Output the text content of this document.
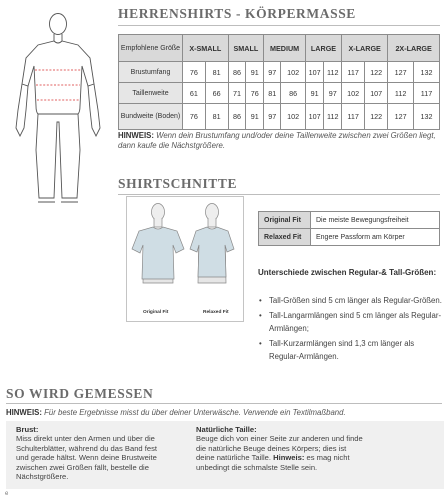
HERRENSHIRTS - KÖRPERMASSE
Empfohlene Größe	X-SMALL		SMALL		MEDIUM		LARGE		X-LARGE		2X-LARGE	
Brustumfang	76	81	86	91	97	102	107	112	117	122	127	132
Taillenweite	61	66	71	76	81	86	91	97	102	107	112	117
Bundweite (Boden)	76	81	86	91	97	102	107	112	117	122	127	132
HINWEIS: Wenn dein Brustumfang und/oder deine Taillenweite zwischen zwei Größen liegt, dann kaufe die Nächstgrößere.
SHIRTSCHNITTE
Original Fit	Relaxed Fit
Original Fit	Die meiste Bewegungsfreiheit
Relaxed Fit	Engere Passform am Körper
Unterschiede zwischen Regular-& Tall-Größen:
• Tall-Größen sind 5 cm länger als Regular-Größen.
• Tall-Langarmlängen sind 5 cm länger als Regular-Armlängen;
• Tall-Kurzarmlängen sind 1,3 cm länger als Regular-Armlängen.
SO WIRD GEMESSEN
HINWEIS: Für beste Ergebnisse misst du über deiner Unterwäsche. Verwende ein Textilmaßband.
Brust:
Miss direkt unter den Armen und über die Schulterblätter, während du das Band fest und gerade hältst. Wenn deine Brustweite zwischen zwei Größen fällt, bestelle die Nächstgrößere.
Natürliche Taille:
Beuge dich von einer Seite zur anderen und finde die natürliche Beuge deines Körpers; dies ist deine natürliche Taille. Hinweis: es mag nicht unbedingt die schmalste Stelle sein.
e
